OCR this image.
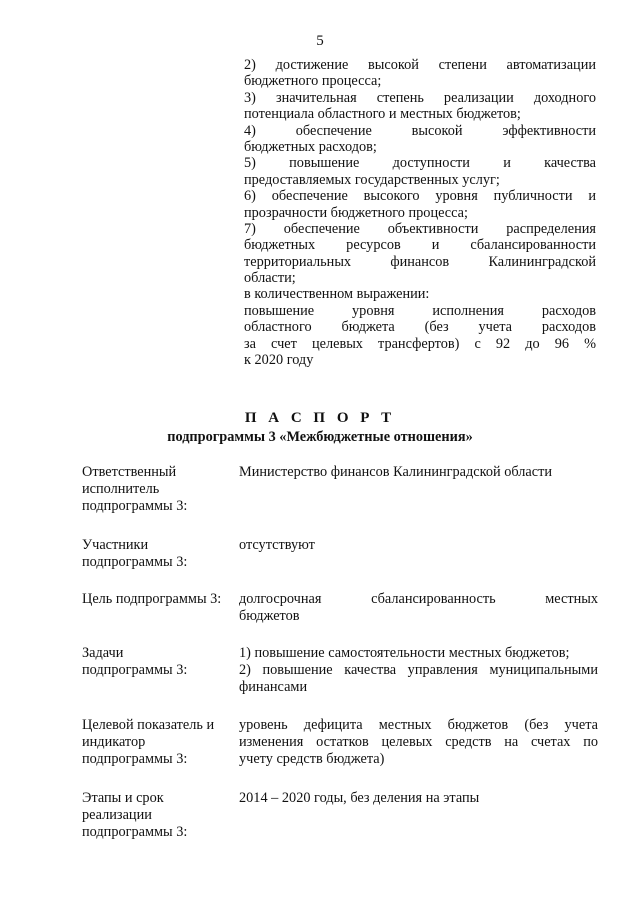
5
2) достижение высокой степени автоматизации
бюджетного процесса;
3) значительная степень реализации доходного
потенциала областного и местных бюджетов;
4) обеспечение высокой эффективности
бюджетных расходов;
5) повышение доступности и качества
предоставляемых государственных услуг;
6) обеспечение высокого уровня публичности и
прозрачности бюджетного процесса;
7) обеспечение объективности распределения
бюджетных ресурсов и сбалансированности
территориальных финансов Калининградской
области;
в количественном выражении:
повышение уровня исполнения расходов
областного бюджета (без учета расходов
за счет целевых трансфертов) с 92 до 96 %
к 2020 году
П А С П О Р Т
подпрограммы 3 «Межбюджетные отношения»
Ответственный
исполнитель
подпрограммы 3:
Министерство финансов Калининградской области
Участники
подпрограммы 3:
отсутствуют
Цель подпрограммы 3:	долгосрочная сбалансированность местных
бюджетов
Задачи
подпрограммы 3:
1) повышение самостоятельности местных бюджетов;
2) повышение качества управления муниципальными
финансами
Целевой показатель и
индикатор
подпрограммы 3:
уровень дефицита местных бюджетов (без учета
изменения остатков целевых средств на счетах по
учету средств бюджета)
Этапы и срок
реализации
подпрограммы 3:
2014 – 2020 годы, без деления на этапы
